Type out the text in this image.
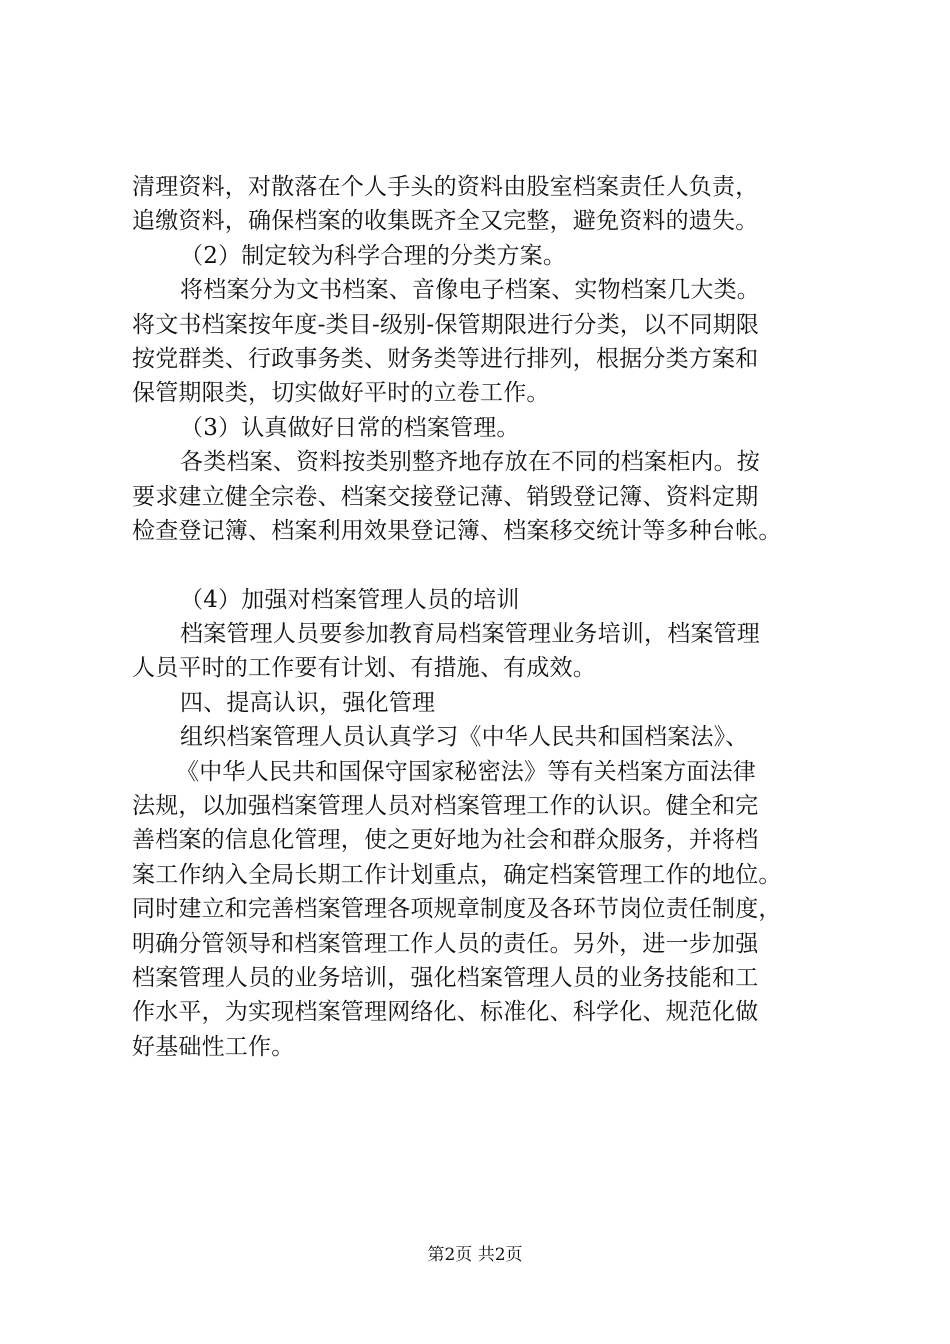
清理资料，对散落在个人手头的资料由股室档案责任人负责，
追缴资料，确保档案的收集既齐全又完整，避免资料的遗失。
（2）制定较为科学合理的分类方案。
将档案分为文书档案、音像电子档案、实物档案几大类。
将文书档案按年度-类目-级别-保管期限进行分类，以不同期限
按党群类、行政事务类、财务类等进行排列，根据分类方案和
保管期限类，切实做好平时的立卷工作。
（3）认真做好日常的档案管理。
各类档案、资料按类别整齐地存放在不同的档案柜内。按
要求建立健全宗卷、档案交接登记薄、销毁登记簿、资料定期
检查登记簿、档案利用效果登记簿、档案移交统计等多种台帐。
（4）加强对档案管理人员的培训
档案管理人员要参加教育局档案管理业务培训，档案管理
人员平时的工作要有计划、有措施、有成效。
四、提高认识，强化管理
组织档案管理人员认真学习《中华人民共和国档案法》、
《中华人民共和国保守国家秘密法》等有关档案方面法律
法规，以加强档案管理人员对档案管理工作的认识。健全和完
善档案的信息化管理，使之更好地为社会和群众服务，并将档
案工作纳入全局长期工作计划重点，确定档案管理工作的地位。
同时建立和完善档案管理各项规章制度及各环节岗位责任制度，
明确分管领导和档案管理工作人员的责任。另外，进一步加强
档案管理人员的业务培训，强化档案管理人员的业务技能和工
作水平，为实现档案管理网络化、标准化、科学化、规范化做
好基础性工作。
第2页 共2页
